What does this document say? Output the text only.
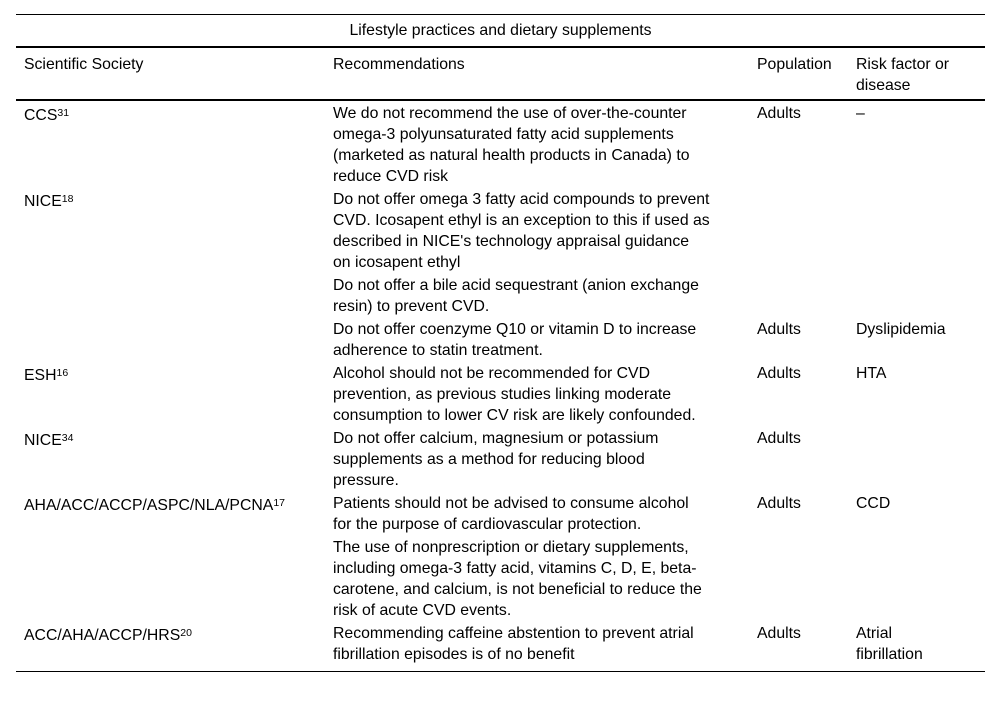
Lifestyle practices and dietary supplements			
Scientific Society	Recommendations	Population	Risk factor or disease
CCS$^{31}$	We do not recommend the use of over-the-counter omega-3 polyunsaturated fatty acid supplements (marketed as natural health products in Canada) to reduce CVD risk	Adults	–
NICE$^{18}$	Do not offer omega 3 fatty acid compounds to prevent CVD. Icosapent ethyl is an exception to this if used as described in NICE's technology appraisal guidance on icosapent ethyl		
	Do not offer a bile acid sequestrant (anion exchange resin) to prevent CVD.		
	Do not offer coenzyme Q10 or vitamin D to increase adherence to statin treatment.	Adults	Dyslipidemia
ESH$^{16}$	Alcohol should not be recommended for CVD prevention, as previous studies linking moderate consumption to lower CV risk are likely confounded.	Adults	HTA
NICE$^{34}$	Do not offer calcium, magnesium or potassium supplements as a method for reducing blood pressure.	Adults	
AHA/ACC/ACCP/ASPC/NLA/PCNA$^{17}$	Patients should not be advised to consume alcohol for the purpose of cardiovascular protection.	Adults	CCD
	The use of nonprescription or dietary supplements, including omega-3 fatty acid, vitamins C, D, E, beta-carotene, and calcium, is not beneficial to reduce the risk of acute CVD events.		
ACC/AHA/ACCP/HRS$^{20}$	Recommending caffeine abstention to prevent atrial fibrillation episodes is of no benefit	Adults	Atrial fibrillation
